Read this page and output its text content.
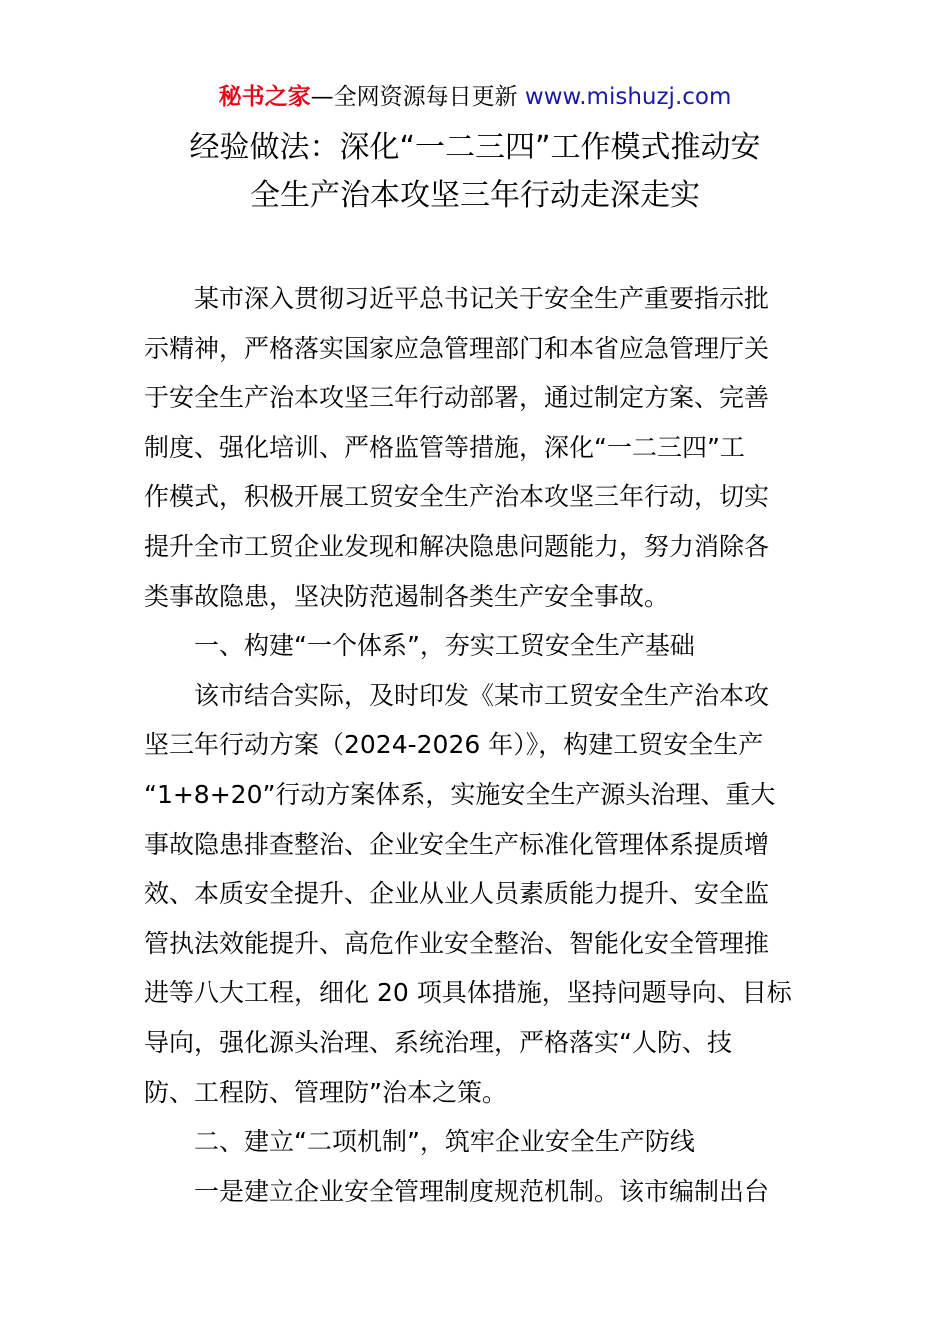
秘书之家—全网资源每日更新 www.mishuzj.com
经验做法：深化“一二三四”工作模式推动安
全生产治本攻坚三年行动走深走实
某市深入贯彻习近平总书记关于安全生产重要指示批
示精神，严格落实国家应急管理部门和本省应急管理厅关
于安全生产治本攻坚三年行动部署，通过制定方案、完善
制度、强化培训、严格监管等措施，深化“一二三四”工
作模式，积极开展工贸安全生产治本攻坚三年行动，切实
提升全市工贸企业发现和解决隐患问题能力，努力消除各
类事故隐患，坚决防范遏制各类生产安全事故。
一、构建“一个体系”，夯实工贸安全生产基础
该市结合实际，及时印发《某市工贸安全生产治本攻
坚三年行动方案（2024-2026 年）》，构建工贸安全生产
“1+8+20”行动方案体系，实施安全生产源头治理、重大
事故隐患排查整治、企业安全生产标准化管理体系提质增
效、本质安全提升、企业从业人员素质能力提升、安全监
管执法效能提升、高危作业安全整治、智能化安全管理推
进等八大工程，细化 20 项具体措施，坚持问题导向、目标
导向，强化源头治理、系统治理，严格落实“人防、技
防、工程防、管理防”治本之策。
二、建立“二项机制”，筑牢企业安全生产防线
一是建立企业安全管理制度规范机制。该市编制出台
